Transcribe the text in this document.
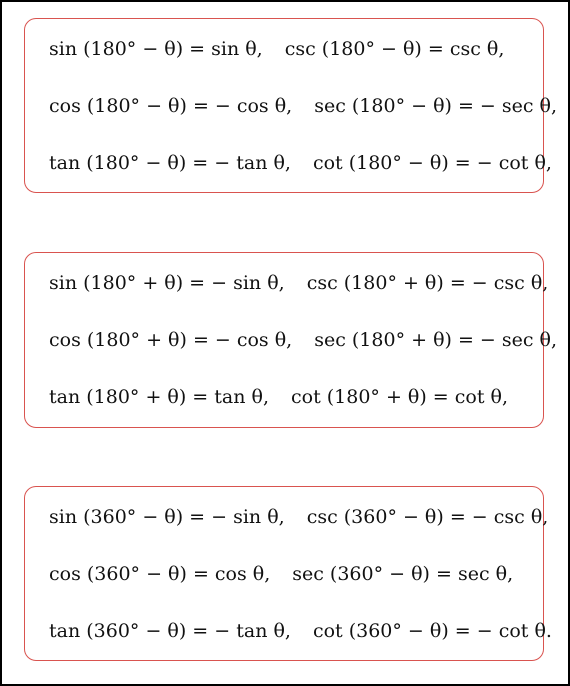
sin (180° − θ) = sin θ, csc (180° − θ) = csc θ,
cos (180° − θ) = − cos θ, sec (180° − θ) = − sec θ,
tan (180° − θ) = − tan θ, cot (180° − θ) = − cot θ,
sin (180° + θ) = − sin θ, csc (180° + θ) = − csc θ,
cos (180° + θ) = − cos θ, sec (180° + θ) = − sec θ,
tan (180° + θ) = tan θ, cot (180° + θ) = cot θ,
sin (360° − θ) = − sin θ, csc (360° − θ) = − csc θ,
cos (360° − θ) = cos θ, sec (360° − θ) = sec θ,
tan (360° − θ) = − tan θ, cot (360° − θ) = − cot θ.
